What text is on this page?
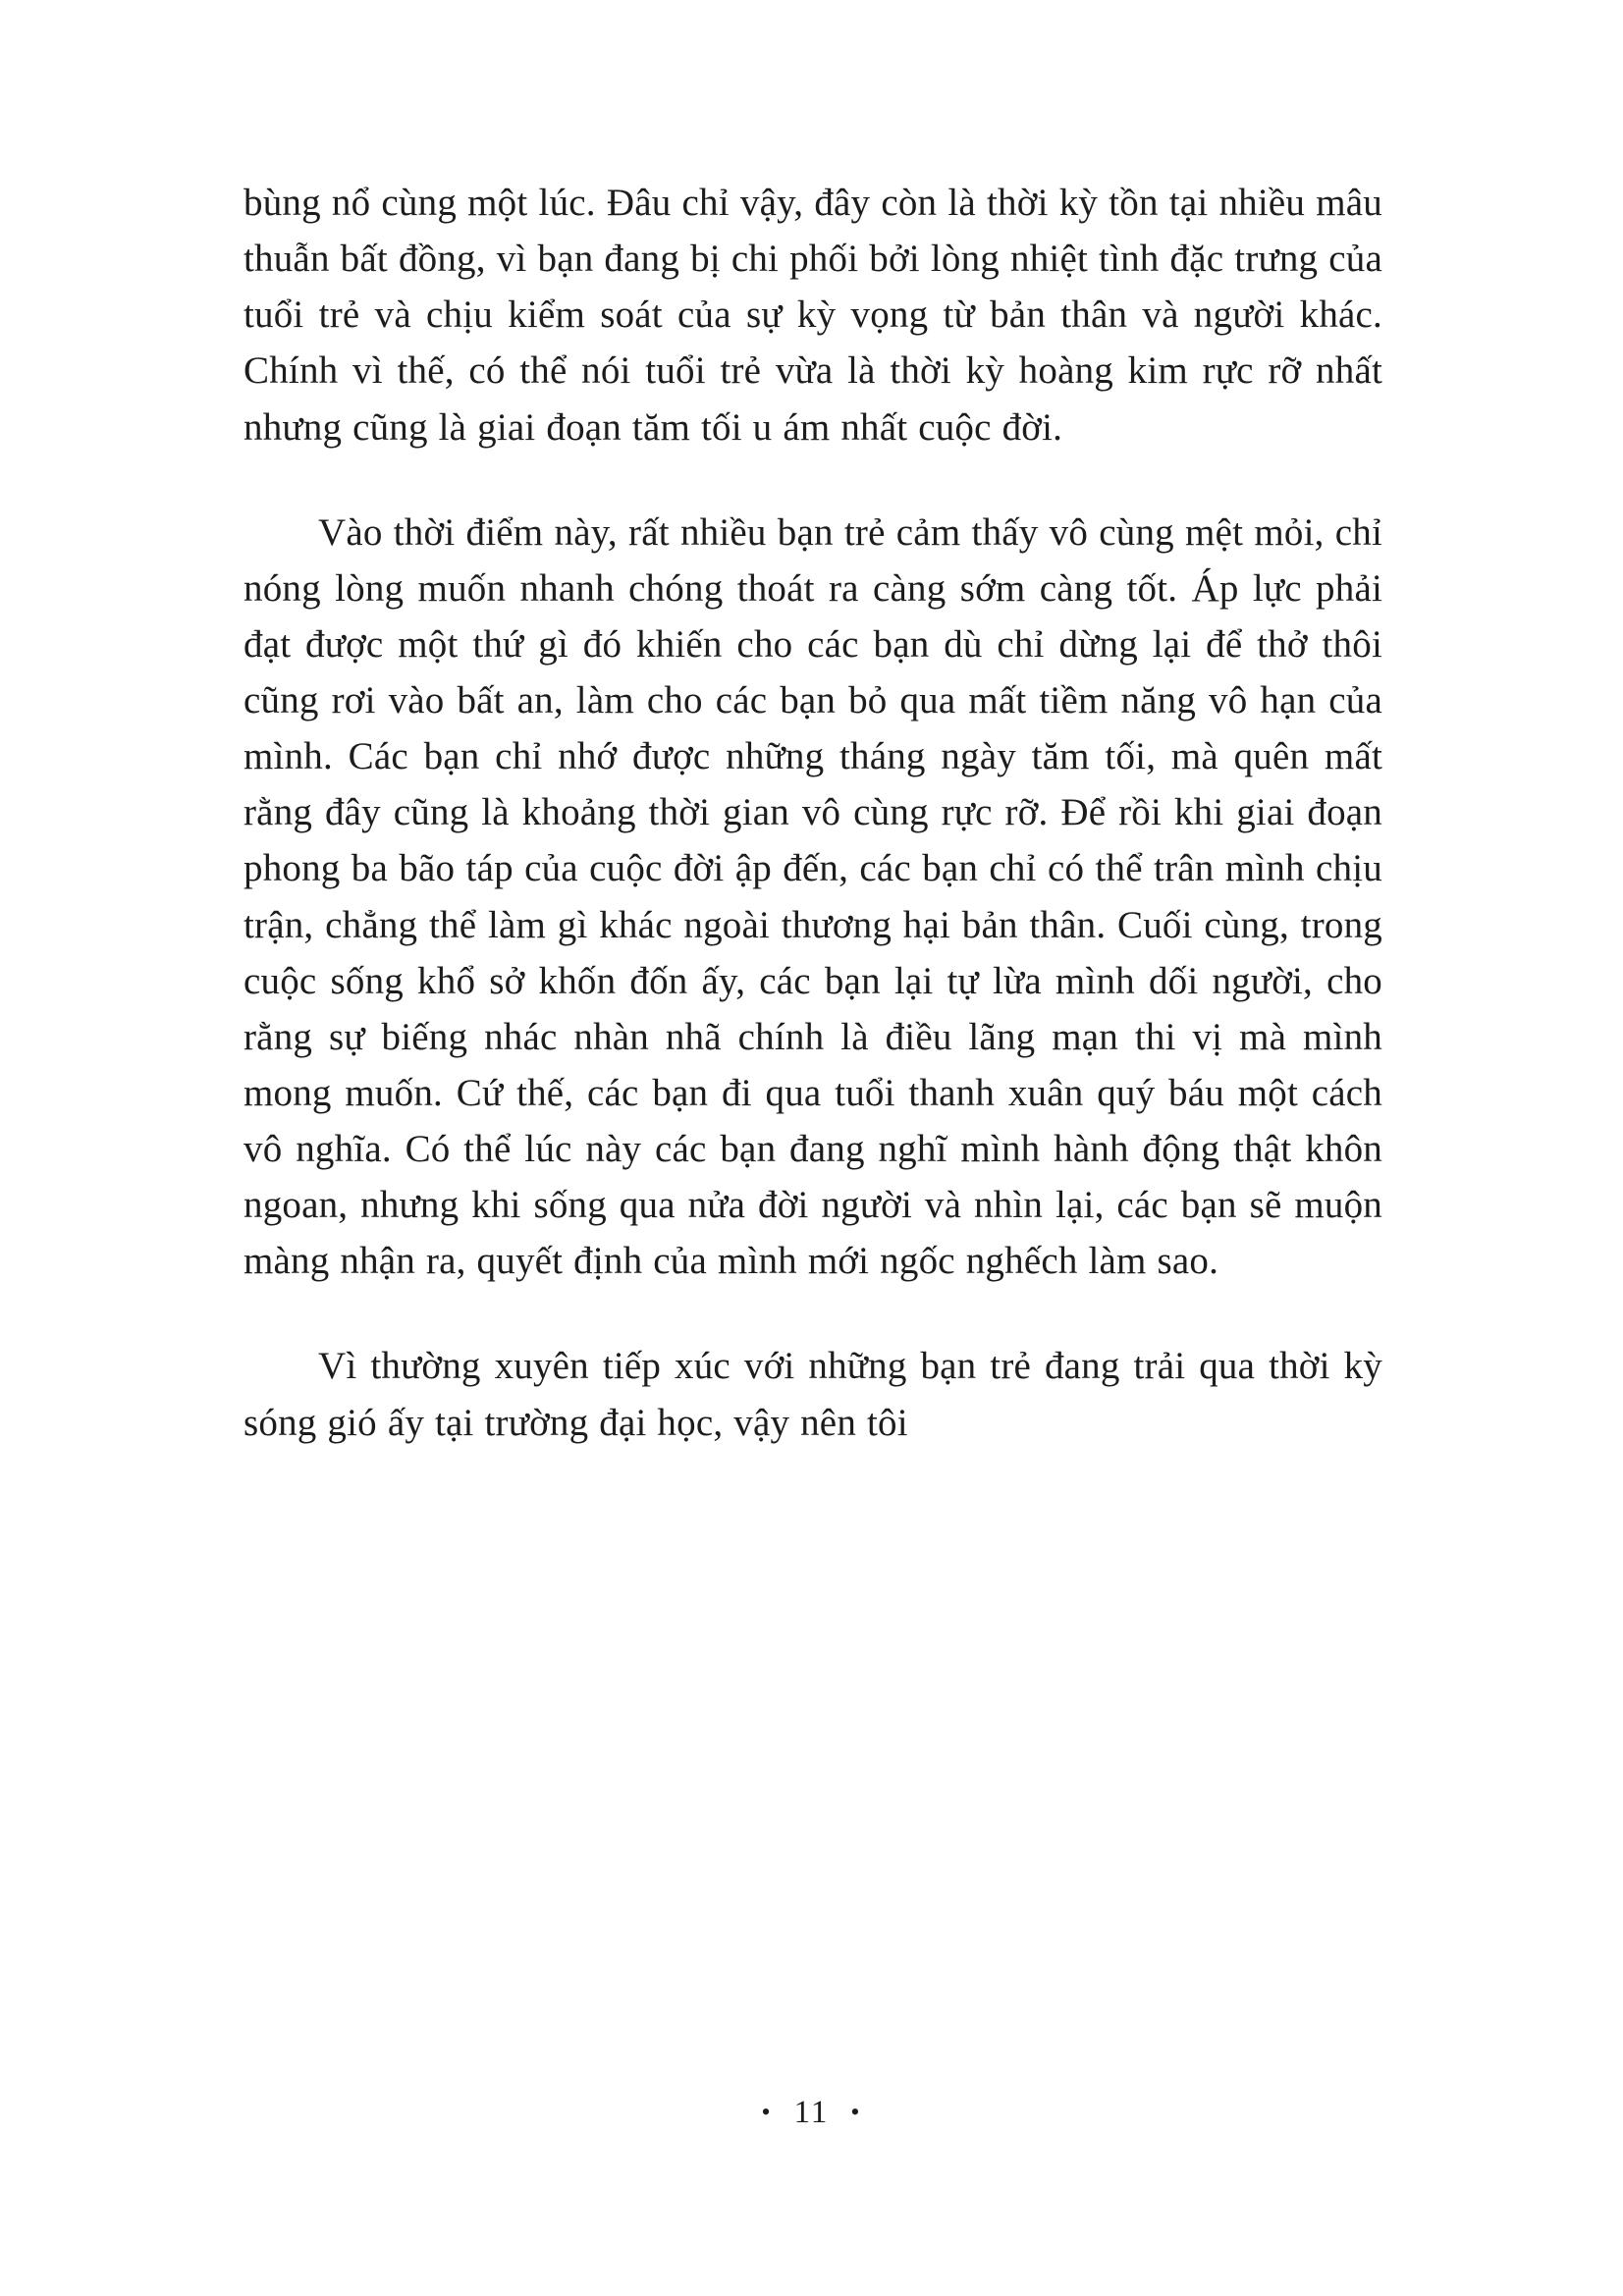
bùng nổ cùng một lúc. Đâu chỉ vậy, đây còn là thời kỳ tồn tại nhiều mâu thuẫn bất đồng, vì bạn đang bị chi phối bởi lòng nhiệt tình đặc trưng của tuổi trẻ và chịu kiểm soát của sự kỳ vọng từ bản thân và người khác. Chính vì thế, có thể nói tuổi trẻ vừa là thời kỳ hoàng kim rực rỡ nhất nhưng cũng là giai đoạn tăm tối u ám nhất cuộc đời.

Vào thời điểm này, rất nhiều bạn trẻ cảm thấy vô cùng mệt mỏi, chỉ nóng lòng muốn nhanh chóng thoát ra càng sớm càng tốt. Áp lực phải đạt được một thứ gì đó khiến cho các bạn dù chỉ dừng lại để thở thôi cũng rơi vào bất an, làm cho các bạn bỏ qua mất tiềm năng vô hạn của mình. Các bạn chỉ nhớ được những tháng ngày tăm tối, mà quên mất rằng đây cũng là khoảng thời gian vô cùng rực rỡ. Để rồi khi giai đoạn phong ba bão táp của cuộc đời ập đến, các bạn chỉ có thể trân mình chịu trận, chẳng thể làm gì khác ngoài thương hại bản thân. Cuối cùng, trong cuộc sống khổ sở khốn đốn ấy, các bạn lại tự lừa mình dối người, cho rằng sự biếng nhác nhàn nhã chính là điều lãng mạn thi vị mà mình mong muốn. Cứ thế, các bạn đi qua tuổi thanh xuân quý báu một cách vô nghĩa. Có thể lúc này các bạn đang nghĩ mình hành động thật khôn ngoan, nhưng khi sống qua nửa đời người và nhìn lại, các bạn sẽ muộn màng nhận ra, quyết định của mình mới ngốc nghếch làm sao.

Vì thường xuyên tiếp xúc với những bạn trẻ đang trải qua thời kỳ sóng gió ấy tại trường đại học, vậy nên tôi

• 11 •
